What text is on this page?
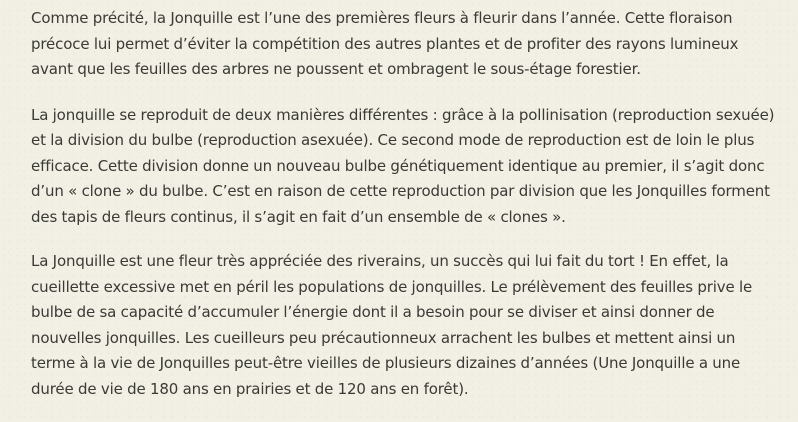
Comme précité, la Jonquille est l’une des premières fleurs à fleurir dans l’année. Cette floraison précoce lui permet d’éviter la compétition des autres plantes et de profiter des rayons lumineux avant que les feuilles des arbres ne poussent et ombragent le sous-étage forestier.

La jonquille se reproduit de deux manières différentes : grâce à la pollinisation (reproduction sexuée) et la division du bulbe (reproduction asexuée). Ce second mode de reproduction est de loin le plus efficace. Cette division donne un nouveau bulbe génétiquement identique au premier, il s’agit donc d’un « clone » du bulbe. C’est en raison de cette reproduction par division que les Jonquilles forment des tapis de fleurs continus, il s’agit en fait d’un ensemble de « clones ».

La Jonquille est une fleur très appréciée des riverains, un succès qui lui fait du tort ! En effet, la cueillette excessive met en péril les populations de jonquilles. Le prélèvement des feuilles prive le bulbe de sa capacité d’accumuler l’énergie dont il a besoin pour se diviser et ainsi donner de nouvelles jonquilles. Les cueilleurs peu précautionneux arrachent les bulbes et mettent ainsi un terme à la vie de Jonquilles peut-être vieilles de plusieurs dizaines d’années (Une Jonquille a une durée de vie de 180 ans en prairies et de 120 ans en forêt).
